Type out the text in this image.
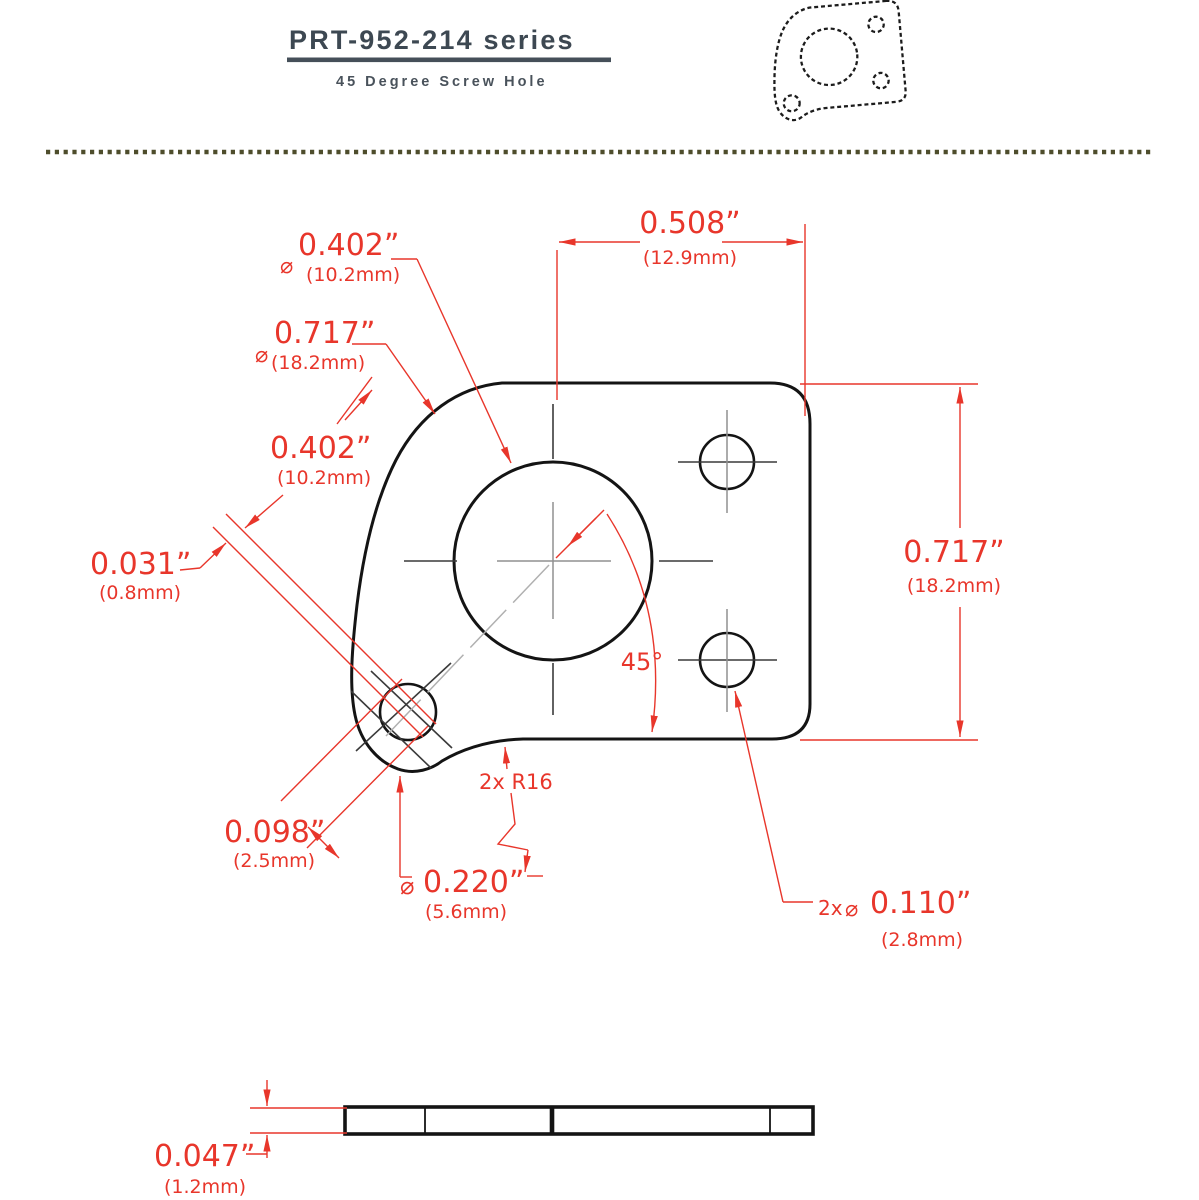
PRT-952-214 series
45 Degree Screw Hole
0.508”
(12.9mm)
0.717”
(18.2mm)
⌀
0.402”
(10.2mm)
⌀
0.717”
(18.2mm)
0.402”
(10.2mm)
0.031”
(0.8mm)
0.098”
(2.5mm)
⌀ 0.220”
(5.6mm)
45°
2x R16
2x ⌀ 0.110”
(2.8mm)
0.047”
(1.2mm)
